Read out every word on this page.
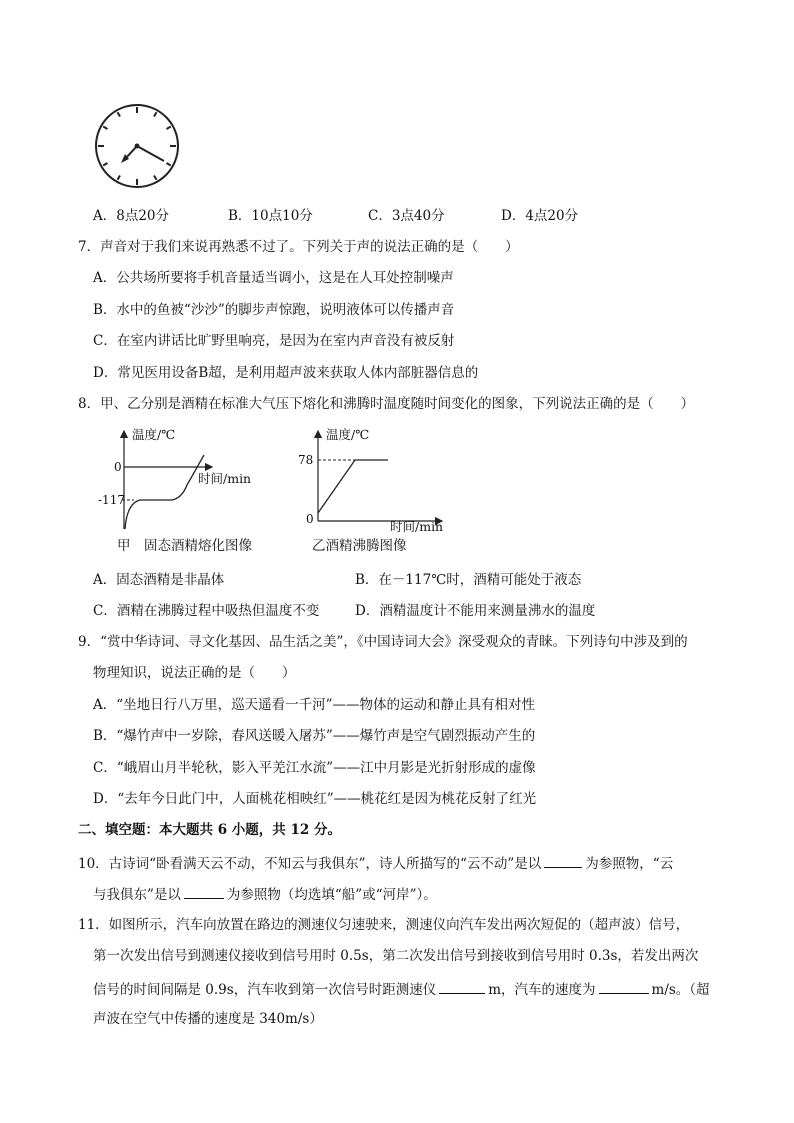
A．8点20分	B．10点10分	C．3点40分	D．4点20分
7．声音对于我们来说再熟悉不过了。下列关于声的说法正确的是（　　）
A．公共场所要将手机音量适当调小，这是在人耳处控制噪声
B．水中的鱼被“沙沙”的脚步声惊跑，说明液体可以传播声音
C．在室内讲话比旷野里响亮，是因为在室内声音没有被反射
D．常见医用设备B超，是利用超声波来获取人体内部脏器信息的
8．甲、乙分别是酒精在标准大气压下熔化和沸腾时温度随时间变化的图象，下列说法正确的是（　　）
温度/℃
时间/min
0
-117
甲　固态酒精熔化图像
温度/℃
时间/min
78
0
乙酒精沸腾图像
A．固态酒精是非晶体	B．在－117℃时，酒精可能处于液态
C．酒精在沸腾过程中吸热但温度不变	D．酒精温度计不能用来测量沸水的温度
9．“赏中华诗词、寻文化基因、品生活之美”，《中国诗词大会》深受观众的青睐。下列诗句中涉及到的
物理知识，说法正确的是（　　）
A．“坐地日行八万里，巡天遥看一千河”——物体的运动和静止具有相对性
B．“爆竹声中一岁除，春风送暖入屠苏”——爆竹声是空气剧烈振动产生的
C．“峨眉山月半轮秋，影入平羌江水流”——江中月影是光折射形成的虚像
D．“去年今日此门中，人面桃花相映红”——桃花红是因为桃花反射了红光
二、填空题：本大题共 6 小题，共 12 分。
10．古诗词“卧看满天云不动，不知云与我俱东”，诗人所描写的“云不动”是以	为参照物，“云
与我俱东”是以	为参照物（均选填“船”或“河岸”）。
11．如图所示，汽车向放置在路边的测速仪匀速驶来，测速仪向汽车发出两次短促的（超声波）信号，
第一次发出信号到测速仪接收到信号用时 0.5s，第二次发出信号到接收到信号用时 0.3s，若发出两次
信号的时间间隔是 0.9s，汽车收到第一次信号时距测速仪	m，汽车的速度为	m/s。（超
声波在空气中传播的速度是 340m/s）
